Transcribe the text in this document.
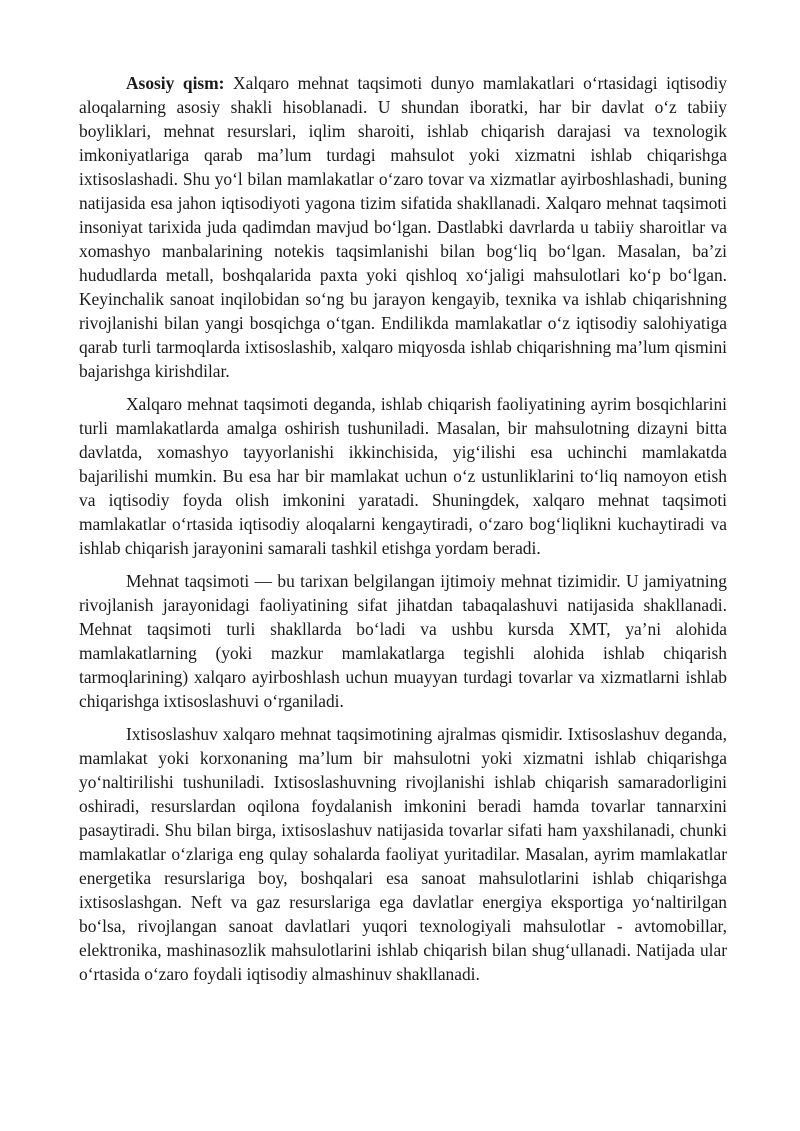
Asosiy qism: Xalqaro mehnat taqsimoti dunyo mamlakatlari oʻrtasidagi iqtisodiy aloqalarning asosiy shakli hisoblanadi. U shundan iboratki, har bir davlat oʻz tabiiy boyliklari, mehnat resurslari, iqlim sharoiti, ishlab chiqarish darajasi va texnologik imkoniyatlariga qarab maʼlum turdagi mahsulot yoki xizmatni ishlab chiqarishga ixtisoslashadi. Shu yoʻl bilan mamlakatlar oʻzaro tovar va xizmatlar ayirboshlashadi, buning natijasida esa jahon iqtisodiyoti yagona tizim sifatida shakllanadi. Xalqaro mehnat taqsimoti insoniyat tarixida juda qadimdan mavjud boʻlgan. Dastlabki davrlarda u tabiiy sharoitlar va xomashyo manbalarining notekis taqsimlanishi bilan bogʻliq boʻlgan. Masalan, baʼzi hududlarda metall, boshqalarida paxta yoki qishloq xoʻjaligi mahsulotlari koʻp boʻlgan. Keyinchalik sanoat inqilobidan soʻng bu jarayon kengayib, texnika va ishlab chiqarishning rivojlanishi bilan yangi bosqichga oʻtgan. Endilikda mamlakatlar oʻz iqtisodiy salohiyatiga qarab turli tarmoqlarda ixtisoslashib, xalqaro miqyosda ishlab chiqarishning maʼlum qismini bajarishga kirishdilar.

Xalqaro mehnat taqsimoti deganda, ishlab chiqarish faoliyatining ayrim bosqichlarini turli mamlakatlarda amalga oshirish tushuniladi. Masalan, bir mahsulotning dizayni bitta davlatda, xomashyo tayyorlanishi ikkinchisida, yigʻilishi esa uchinchi mamlakatda bajarilishi mumkin. Bu esa har bir mamlakat uchun oʻz ustunliklarini toʻliq namoyon etish va iqtisodiy foyda olish imkonini yaratadi. Shuningdek, xalqaro mehnat taqsimoti mamlakatlar oʻrtasida iqtisodiy aloqalarni kengaytiradi, oʻzaro bogʻliqlikni kuchaytiradi va ishlab chiqarish jarayonini samarali tashkil etishga yordam beradi.

Mehnat taqsimoti — bu tarixan belgilangan ijtimoiy mehnat tizimidir. U jamiyatning rivojlanish jarayonidagi faoliyatining sifat jihatdan tabaqalashuvi natijasida shakllanadi. Mehnat taqsimoti turli shakllarda boʻladi va ushbu kursda XMT, yaʼni alohida mamlakatlarning (yoki mazkur mamlakatlarga tegishli alohida ishlab chiqarish tarmoqlarining) xalqaro ayirboshlash uchun muayyan turdagi tovarlar va xizmatlarni ishlab chiqarishga ixtisoslashuvi oʻrganiladi.

Ixtisoslashuv xalqaro mehnat taqsimotining ajralmas qismidir. Ixtisoslashuv deganda, mamlakat yoki korxonaning maʼlum bir mahsulotni yoki xizmatni ishlab chiqarishga yoʻnaltirilishi tushuniladi. Ixtisoslashuvning rivojlanishi ishlab chiqarish samaradorligini oshiradi, resurslardan oqilona foydalanish imkonini beradi hamda tovarlar tannarxini pasaytiradi. Shu bilan birga, ixtisoslashuv natijasida tovarlar sifati ham yaxshilanadi, chunki mamlakatlar oʻzlariga eng qulay sohalarda faoliyat yuritadilar. Masalan, ayrim mamlakatlar energetika resurslariga boy, boshqalari esa sanoat mahsulotlarini ishlab chiqarishga ixtisoslashgan. Neft va gaz resurslariga ega davlatlar energiya eksportiga yoʻnaltirilgan boʻlsa, rivojlangan sanoat davlatlari yuqori texnologiyali mahsulotlar - avtomobillar, elektronika, mashinasozlik mahsulotlarini ishlab chiqarish bilan shugʻullanadi. Natijada ular oʻrtasida oʻzaro foydali iqtisodiy almashinuv shakllanadi.
